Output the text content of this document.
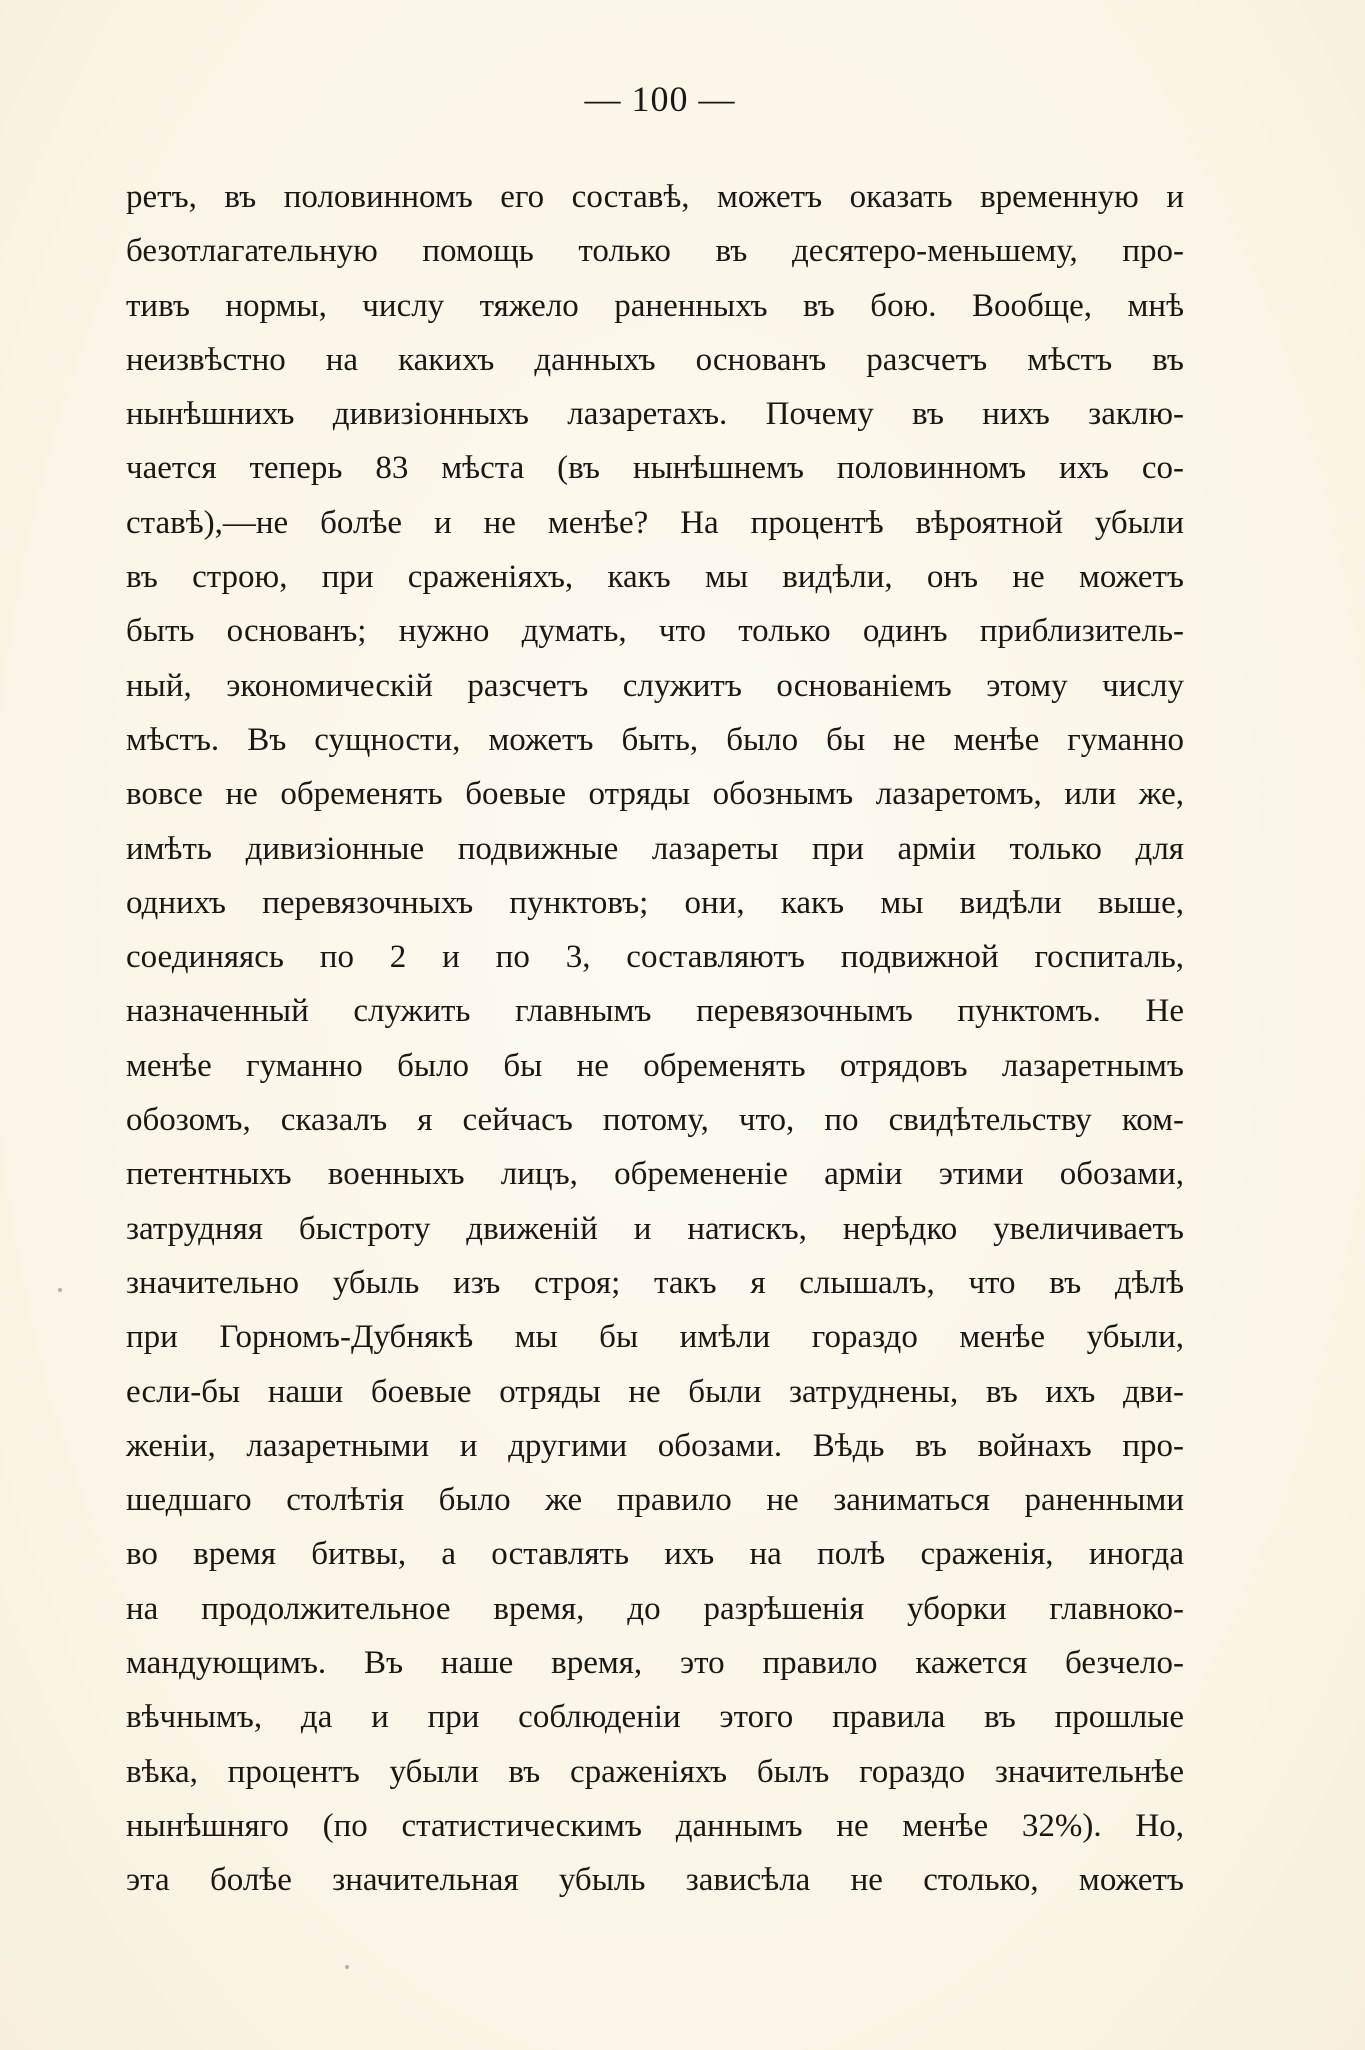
— 100 —
ретъ, въ половинномъ его составѣ, можетъ оказать временную и
безотлагательную помощь только въ десятеро-меньшему, про-
тивъ нормы, числу тяжело раненныхъ въ бою. Вообще, мнѣ
неизвѣстно на какихъ данныхъ основанъ разсчетъ мѣстъ въ
нынѣшнихъ дивизіонныхъ лазаретахъ. Почему въ нихъ заклю-
чается теперь 83 мѣста (въ нынѣшнемъ половинномъ ихъ со-
ставѣ),—не болѣе и не менѣе? На процентѣ вѣроятной убыли
въ строю, при сраженіяхъ, какъ мы видѣли, онъ не можетъ
быть основанъ; нужно думать, что только одинъ приблизитель-
ный, экономическій разсчетъ служитъ основаніемъ этому числу
мѣстъ. Въ сущности, можетъ быть, было бы не менѣе гуманно
вовсе не обременять боевые отряды обознымъ лазаретомъ, или же,
имѣть дивизіонные подвижные лазареты при арміи только для
однихъ перевязочныхъ пунктовъ; они, какъ мы видѣли выше,
соединяясь по 2 и по 3, составляютъ подвижной госпиталь,
назначенный служить главнымъ перевязочнымъ пунктомъ. Не
менѣе гуманно было бы не обременять отрядовъ лазаретнымъ
обозомъ, сказалъ я сейчасъ потому, что, по свидѣтельству ком-
петентныхъ военныхъ лицъ, обремененіе арміи этими обозами,
затрудняя быстроту движеній и натискъ, нерѣдко увеличиваетъ
значительно убыль изъ строя; такъ я слышалъ, что въ дѣлѣ
при Горномъ-Дубнякѣ мы бы имѣли гораздо менѣе убыли,
если-бы наши боевые отряды не были затруднены, въ ихъ дви-
женіи, лазаретными и другими обозами. Вѣдь въ войнахъ про-
шедшаго столѣтія было же правило не заниматься раненными
во время битвы, а оставлять ихъ на полѣ сраженія, иногда
на продолжительное время, до разрѣшенія уборки главноко-
мандующимъ. Въ наше время, это правило кажется безчело-
вѣчнымъ, да и при соблюденіи этого правила въ прошлые
вѣка, процентъ убыли въ сраженіяхъ былъ гораздо значительнѣе
нынѣшняго (по статистическимъ даннымъ не менѣе 32%). Но,
эта болѣе значительная убыль зависѣла не столько, можетъ
